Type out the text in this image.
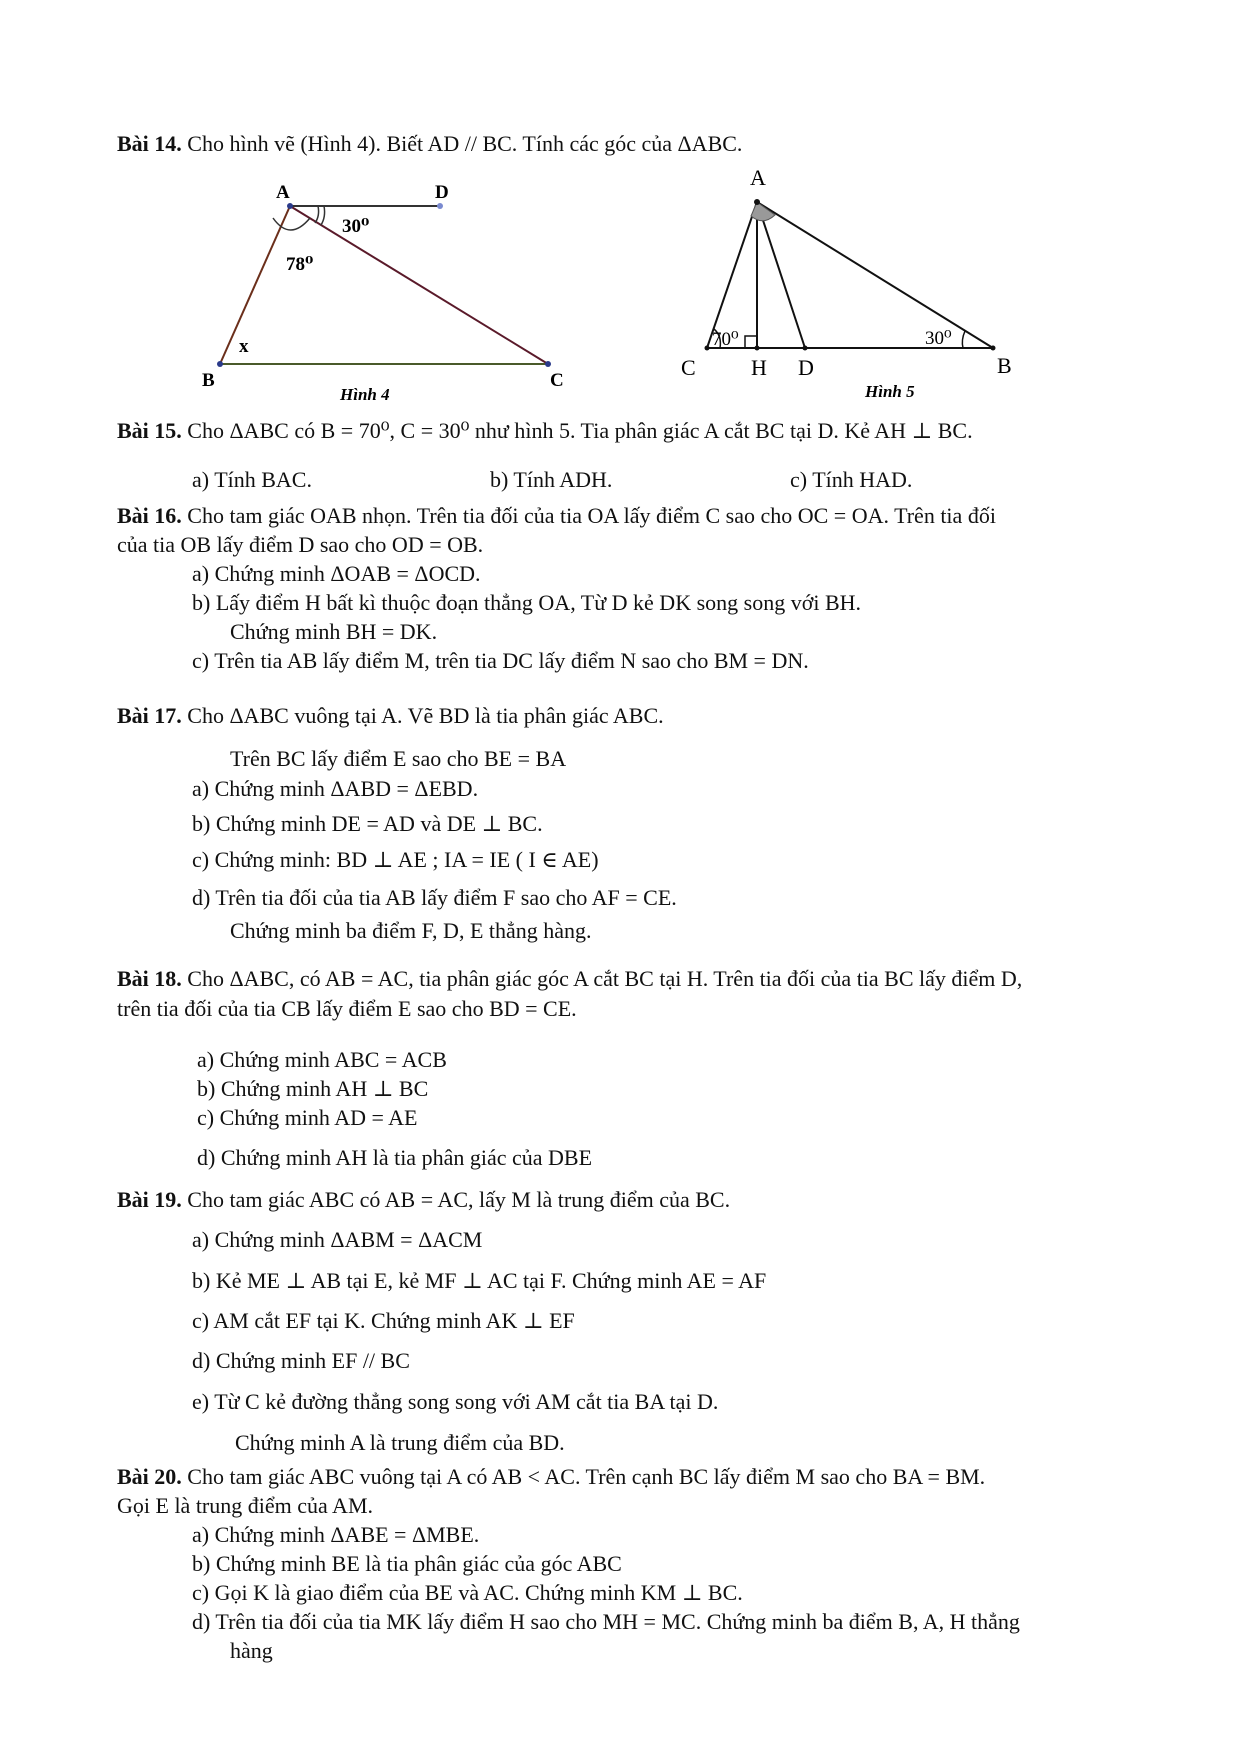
Bài 14. Cho hình vẽ (Hình 4). Biết AD // BC. Tính các góc của ΔABC.
A	D
B	C
30⁰
78⁰
x
Hình 4
A
C	H D	B
70⁰	30⁰
Hình 5
Bài 15. Cho ΔABC có B = 70⁰, C = 30⁰ như hình 5. Tia phân giác A cắt BC tại D. Kẻ AH ⊥ BC.
a) Tính BAC.	b) Tính ADH.	c) Tính HAD.
Bài 16. Cho tam giác OAB nhọn. Trên tia đối của tia OA lấy điểm C sao cho OC = OA. Trên tia đối
của tia OB lấy điểm D sao cho OD = OB.
a) Chứng minh ΔOAB = ΔOCD.
b) Lấy điểm H bất kì thuộc đoạn thẳng OA, Từ D kẻ DK song song với BH.
Chứng minh BH = DK.
c) Trên tia AB lấy điểm M, trên tia DC lấy điểm N sao cho BM = DN.
Bài 17. Cho ΔABC vuông tại A. Vẽ BD là tia phân giác ABC.
Trên BC lấy điểm E sao cho BE = BA
a) Chứng minh ΔABD = ΔEBD.
b) Chứng minh DE = AD và DE ⊥ BC.
c) Chứng minh: BD ⊥ AE ; IA = IE ( I ∈ AE)
d) Trên tia đối của tia AB lấy điểm F sao cho AF = CE.
Chứng minh ba điểm F, D, E thẳng hàng.
Bài 18. Cho ΔABC, có AB = AC, tia phân giác góc A cắt BC tại H. Trên tia đối của tia BC lấy điểm D,
trên tia đối của tia CB lấy điểm E sao cho BD = CE.
a) Chứng minh ABC = ACB
b) Chứng minh AH ⊥ BC
c) Chứng minh AD = AE
d) Chứng minh AH là tia phân giác của DBE
Bài 19. Cho tam giác ABC có AB = AC, lấy M là trung điểm của BC.
a) Chứng minh ΔABM = ΔACM
b) Kẻ ME ⊥ AB tại E, kẻ MF ⊥ AC tại F. Chứng minh AE = AF
c) AM cắt EF tại K. Chứng minh AK ⊥ EF
d) Chứng minh EF // BC
e) Từ C kẻ đường thẳng song song với AM cắt tia BA tại D.
Chứng minh A là trung điểm của BD.
Bài 20. Cho tam giác ABC vuông tại A có AB < AC. Trên cạnh BC lấy điểm M sao cho BA = BM.
Gọi E là trung điểm của AM.
a) Chứng minh ΔABE = ΔMBE.
b) Chứng minh BE là tia phân giác của góc ABC
c) Gọi K là giao điểm của BE và AC. Chứng minh KM ⊥ BC.
d) Trên tia đối của tia MK lấy điểm H sao cho MH = MC. Chứng minh ba điểm B, A, H thẳng
hàng
